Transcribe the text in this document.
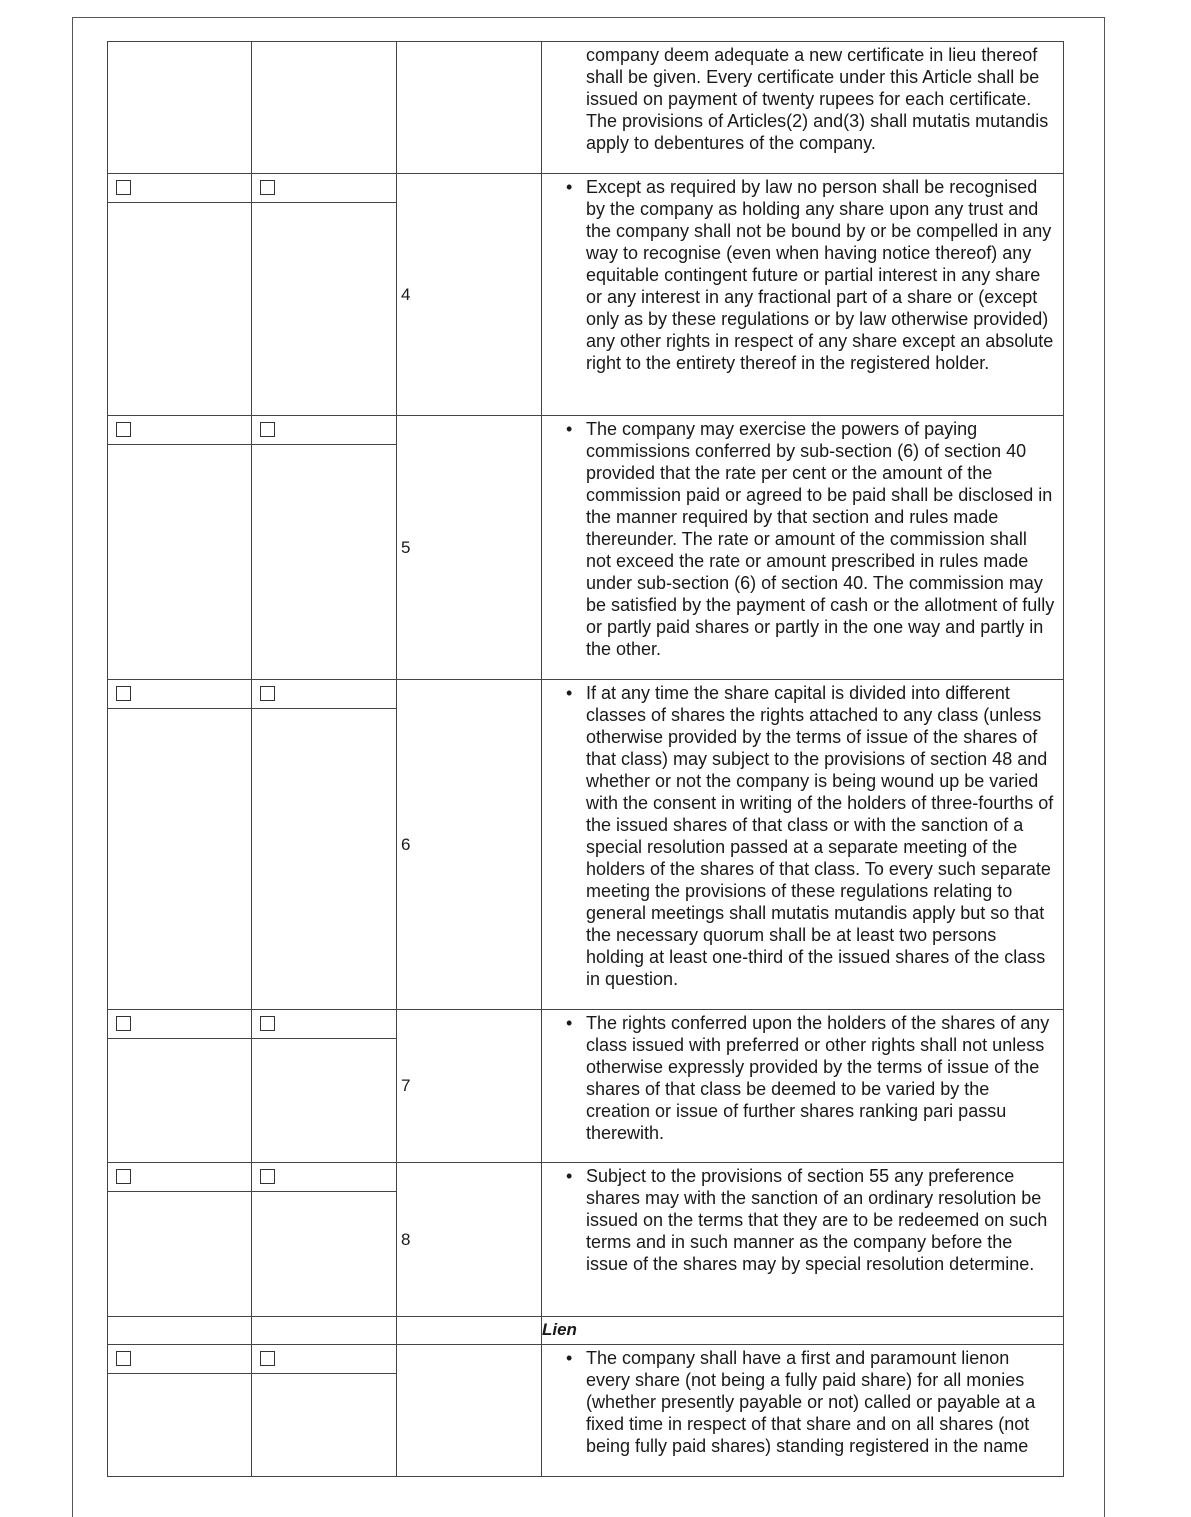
			company deem adequate a new certificate in lieu thereof shall be given. Every certificate under this Article shall be issued on payment of twenty rupees for each certificate. The provisions of Articles(2) and(3) shall mutatis mutandis apply to debentures of the company.

	4	• Except as required by law no person shall be recognised by the company as holding any share upon any trust and the company shall not be bound by or be compelled in any way to recognise (even when having notice thereof) any equitable contingent future or partial interest in any share or any interest in any fractional part of a share or (except only as by these regulations or by law otherwise provided) any other rights in respect of any share except an absolute right to the entirety thereof in the registered holder.

	5	• The company may exercise the powers of paying commissions conferred by sub-section (6) of section 40 provided that the rate per cent or the amount of the commission paid or agreed to be paid shall be disclosed in the manner required by that section and rules made thereunder. The rate or amount of the commission shall not exceed the rate or amount prescribed in rules made under sub-section (6) of section 40. The commission may be satisfied by the payment of cash or the allotment of fully or partly paid shares or partly in the one way and partly in the other.

	6	• If at any time the share capital is divided into different classes of shares the rights attached to any class (unless otherwise provided by the terms of issue of the shares of that class) may subject to the provisions of section 48 and whether or not the company is being wound up be varied with the consent in writing of the holders of three-fourths of the issued shares of that class or with the sanction of a special resolution passed at a separate meeting of the holders of the shares of that class. To every such separate meeting the provisions of these regulations relating to general meetings shall mutatis mutandis apply but so that the necessary quorum shall be at least two persons holding at least one-third of the issued shares of the class in question.

	7	• The rights conferred upon the holders of the shares of any class issued with preferred or other rights shall not unless otherwise expressly provided by the terms of issue of the shares of that class be deemed to be varied by the creation or issue of further shares ranking pari passu therewith.

	8	• Subject to the provisions of section 55 any preference shares may with the sanction of an ordinary resolution be issued on the terms that they are to be redeemed on such terms and in such manner as the company before the issue of the shares may by special resolution determine.

			Lien

			• The company shall have a first and paramount lienon every share (not being a fully paid share) for all monies (whether presently payable or not) called or payable at a fixed time in respect of that share and on all shares (not being fully paid shares) standing registered in the name
